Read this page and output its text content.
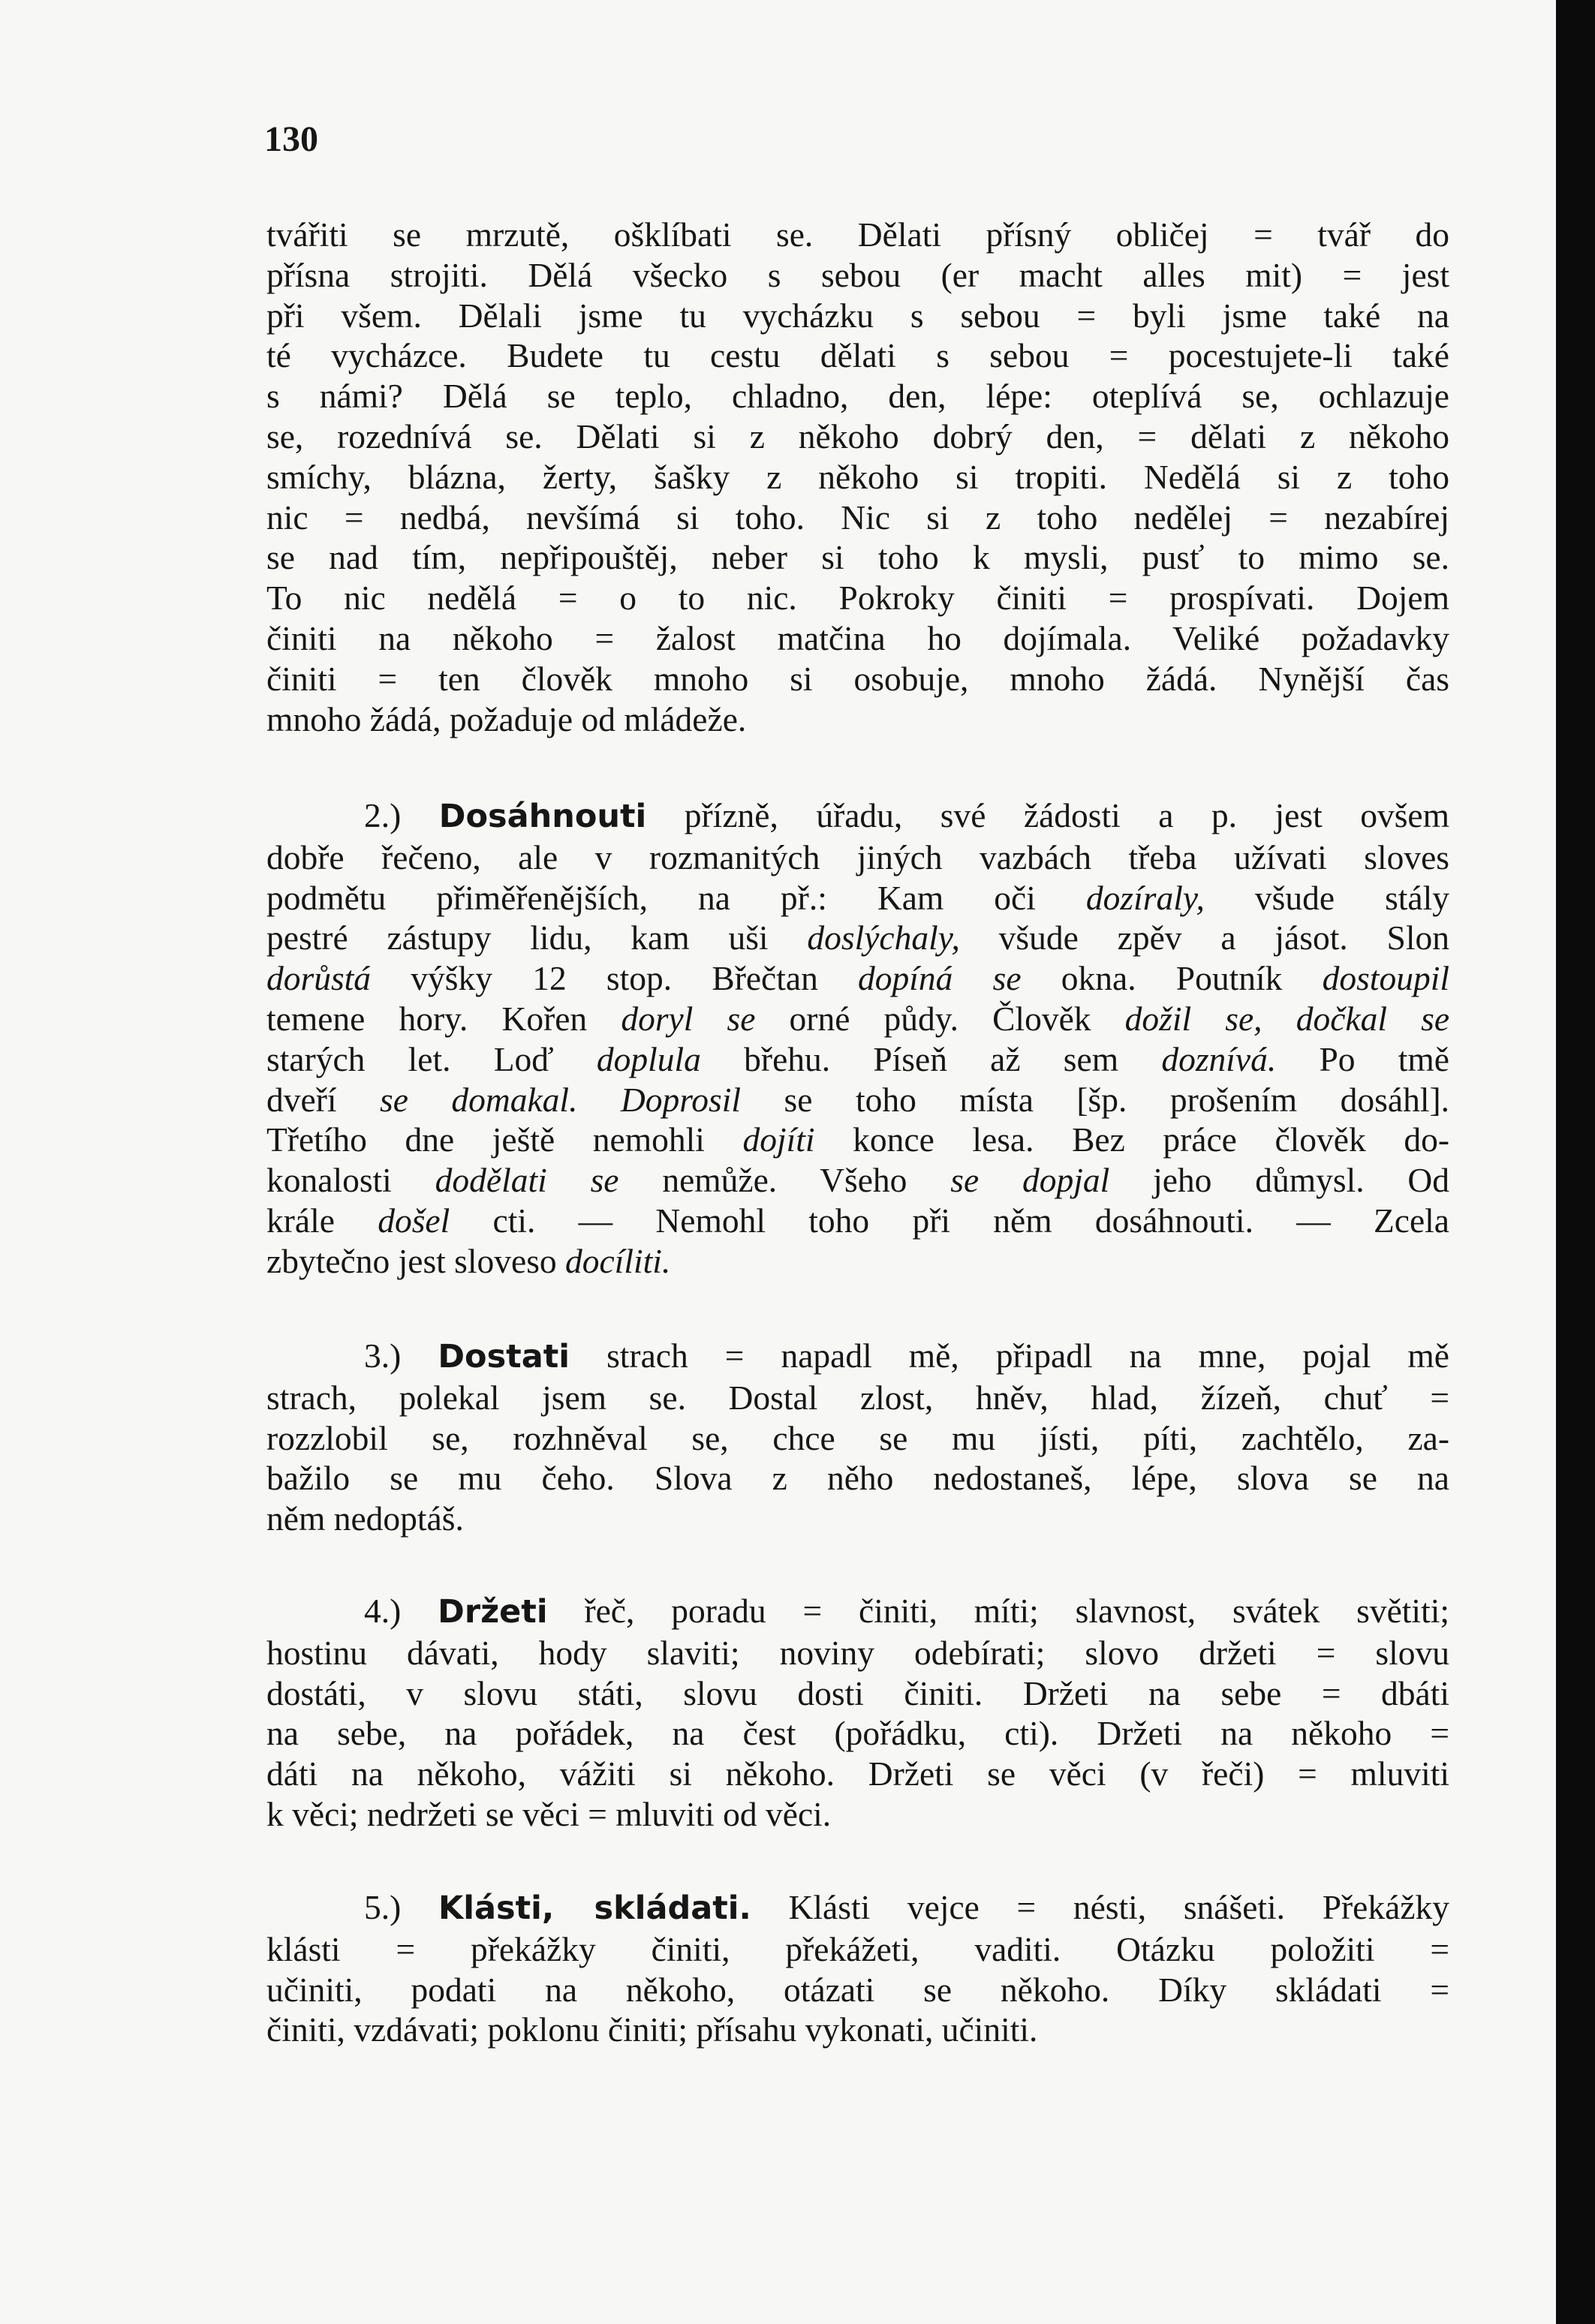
130
tvářiti se mrzutě, ošklíbati se. Dělati přísný obličej = tvář do
přísna strojiti. Dělá všecko s sebou (er macht alles mit) = jest
při všem. Dělali jsme tu vycházku s sebou = byli jsme také na
té vycházce. Budete tu cestu dělati s sebou = pocestujete-li také
s námi? Dělá se teplo, chladno, den, lépe: oteplívá se, ochlazuje
se, rozednívá se. Dělati si z někoho dobrý den, = dělati z někoho
smíchy, blázna, žerty, šašky z někoho si tropiti. Nedělá si z toho
nic = nedbá, nevšímá si toho. Nic si z toho nedělej = nezabírej
se nad tím, nepřipouštěj, neber si toho k mysli, pusť to mimo se.
To nic nedělá = o to nic. Pokroky činiti = prospívati. Dojem
činiti na někoho = žalost matčina ho dojímala. Veliké požadavky
činiti = ten člověk mnoho si osobuje, mnoho žádá. Nynější čas
mnoho žádá, požaduje od mládeže.
2.) Dosáhnouti přízně, úřadu, své žádosti a p. jest ovšem
dobře řečeno, ale v rozmanitých jiných vazbách třeba užívati sloves
podmětu přiměřenějších, na př.: Kam oči dozíraly, všude stály
pestré zástupy lidu, kam uši doslýchaly, všude zpěv a jásot. Slon
dorůstá výšky 12 stop. Břečtan dopíná se okna. Poutník dostoupil
temene hory. Kořen doryl se orné půdy. Člověk dožil se, dočkal se
starých let. Loď doplula břehu. Píseň až sem doznívá. Po tmě
dveří se domakal. Doprosil se toho místa [šp. prošením dosáhl].
Třetího dne ještě nemohli dojíti konce lesa. Bez práce člověk do-
konalosti dodělati se nemůže. Všeho se dopjal jeho důmysl. Od
krále došel cti. — Nemohl toho při něm dosáhnouti. — Zcela
zbytečno jest sloveso docíliti.
3.) Dostati strach = napadl mě, připadl na mne, pojal mě
strach, polekal jsem se. Dostal zlost, hněv, hlad, žízeň, chuť =
rozzlobil se, rozhněval se, chce se mu jísti, píti, zachtělo, za-
bažilo se mu čeho. Slova z něho nedostaneš, lépe, slova se na
něm nedoptáš.
4.) Držeti řeč, poradu = činiti, míti; slavnost, svátek světiti;
hostinu dávati, hody slaviti; noviny odebírati; slovo držeti = slovu
dostáti, v slovu státi, slovu dosti činiti. Držeti na sebe = dbáti
na sebe, na pořádek, na čest (pořádku, cti). Držeti na někoho =
dáti na někoho, vážiti si někoho. Držeti se věci (v řeči) = mluviti
k věci; nedržeti se věci = mluviti od věci.
5.) Klásti, skládati. Klásti vejce = nésti, snášeti. Překážky
klásti = překážky činiti, překážeti, vaditi. Otázku položiti =
učiniti, podati na někoho, otázati se někoho. Díky skládati =
činiti, vzdávati; poklonu činiti; přísahu vykonati, učiniti.
